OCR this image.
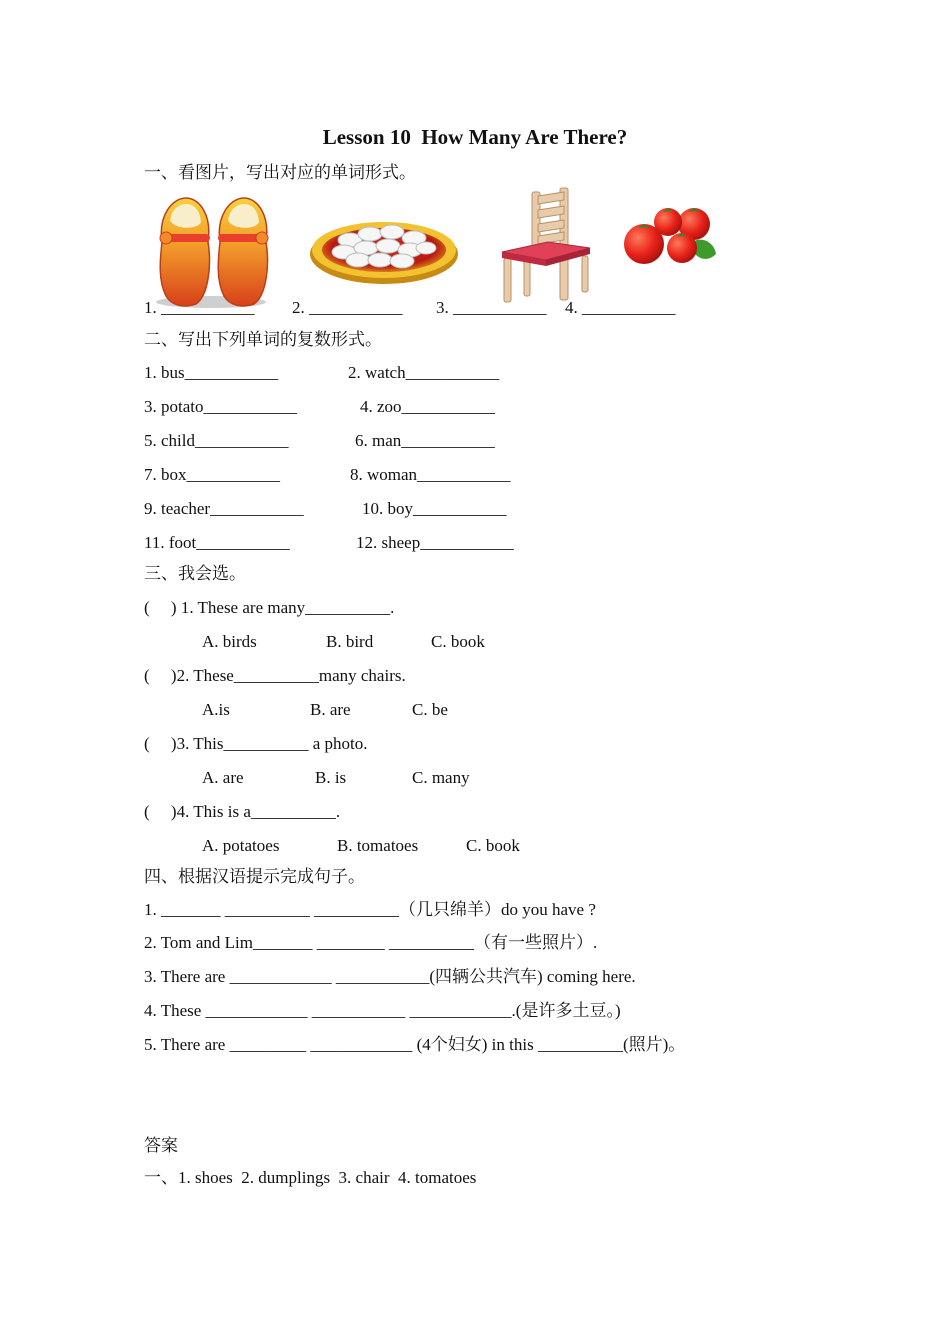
Lesson 10  How Many Are There?
一、看图片，写出对应的单词形式。
1. ___________ 2. ___________ 3. ___________ 4. ___________
二、写出下列单词的复数形式。
1. bus___________	2. watch___________
3. potato___________	4. zoo___________
5. child___________	6. man___________
7. box___________	8. woman___________
9. teacher___________	10. boy___________
11. foot___________	12. sheep___________
三、我会选。
(     ) 1. These are many__________.
A. birds	B. bird	C. book
(     )2. These__________many chairs.
A.is	B. are	C. be
(     )3. This__________ a photo.
A. are	B. is	C. many
(     )4. This is a__________.
A. potatoes	B. tomatoes	C. book
四、根据汉语提示完成句子。
1. _______ __________ __________（几只绵羊）do you have ?
2. Tom and Lim_______ ________ __________（有一些照片）.
3. There are ____________ ___________(四辆公共汽车) coming here.
4. These ____________ ___________ ____________.(是许多土豆。)
5. There are _________ ____________ (4个妇女) in this __________(照片)。
答案
一、1. shoes  2. dumplings  3. chair  4. tomatoes
